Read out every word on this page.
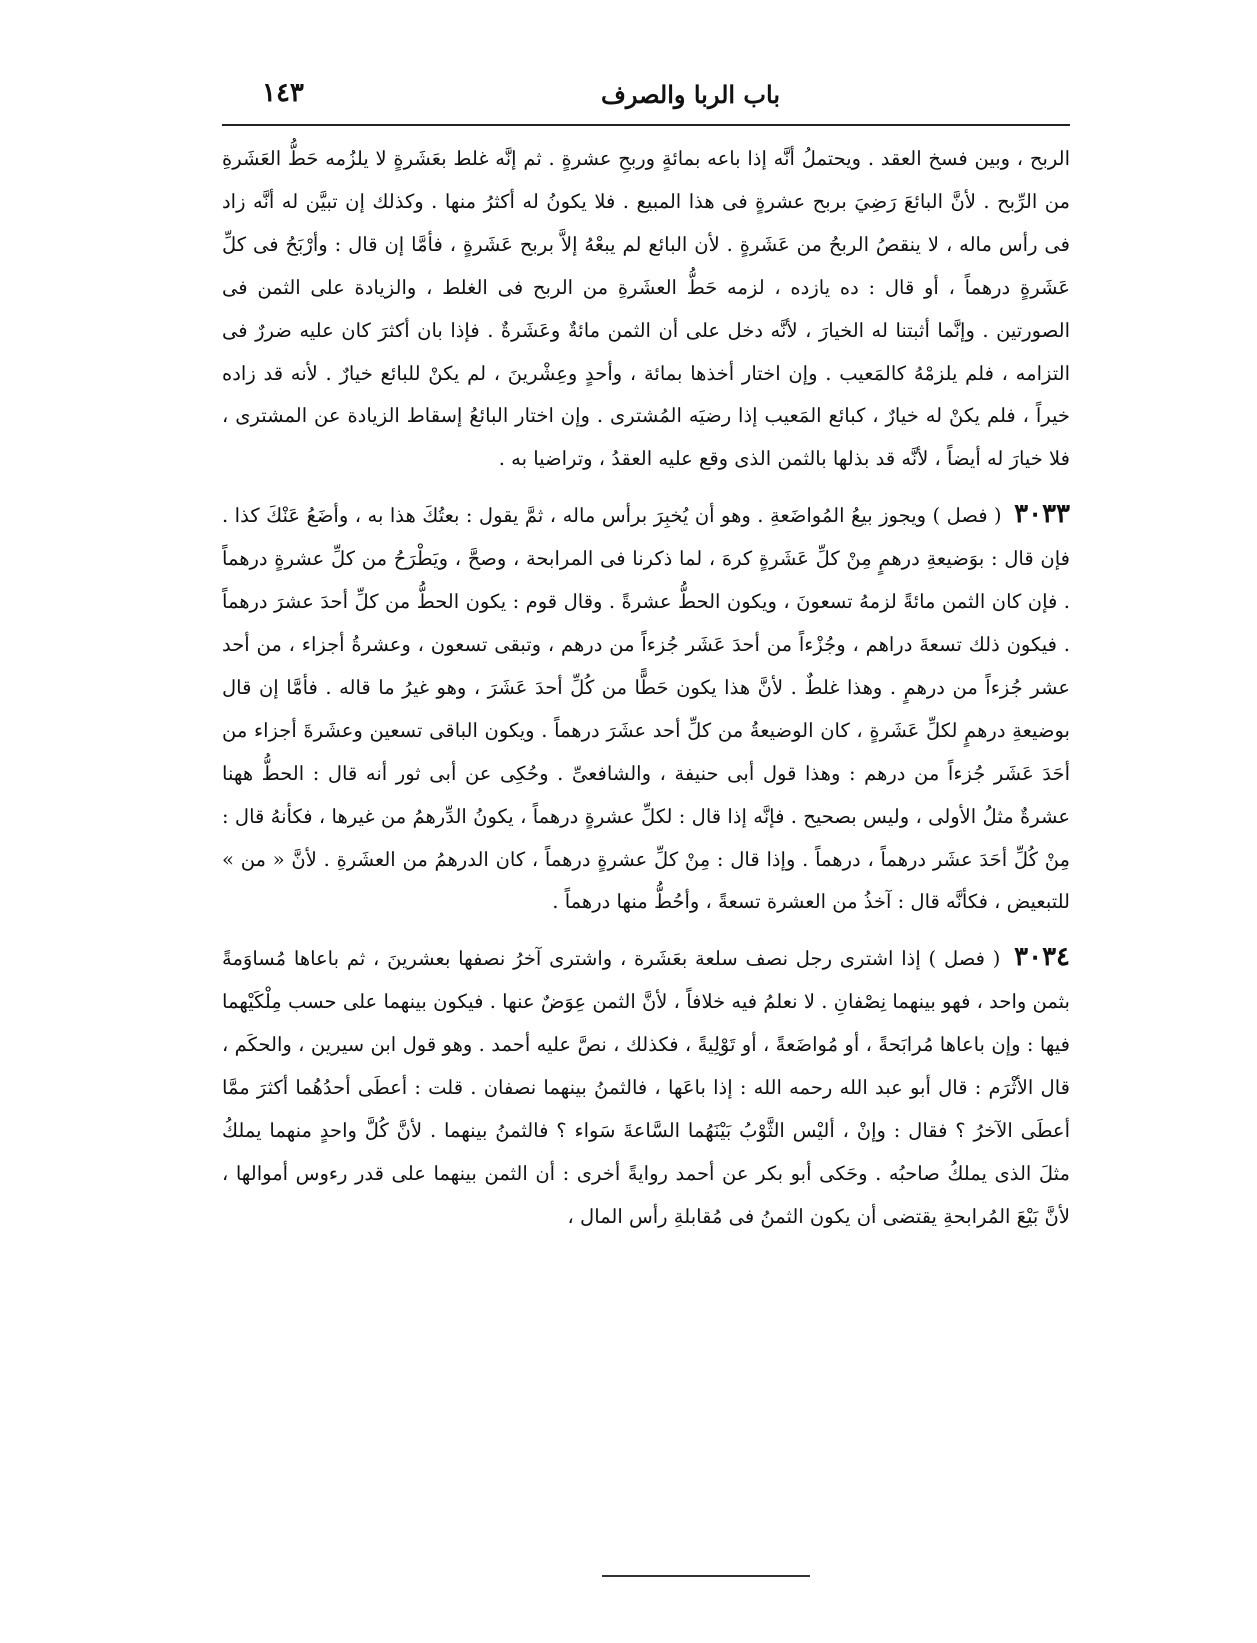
باب الربا والصرف
١٤٣

الربح ، وبين فسخ العقد . ويحتملُ أنَّه إذا باعه بمائةٍ وربحِ عشرةٍ . ثم إنَّه غلط بعَشَرةٍ لا يلزُمه حَطُّ العَشَرةِ من الرِّبح . لأنَّ البائعَ رَضِيَ بربح عشرةٍ فى هذا المبيع . فلا يكونُ له أكثرُ منها . وكذلك إن تبيَّن له أنَّه زاد فى رأس ماله ، لا ينقصُ الربحُ من عَشَرةٍ . لأن البائع لم يبعْهُ إلاَّ بربح عَشَرةٍ ، فأمَّا إن قال : وأرْبَحُ فى كلِّ عَشَرةٍ درهماً ، أو قال : ده يازده ، لزمه حَطُّ العشَرةِ من الربح فى الغلط ، والزيادة على الثمن فى الصورتين . وإنَّما أثبتنا له الخيارَ ، لأنَّه دخل على أن الثمن مائةٌ وعَشَرةٌ . فإذا بان أكثرَ كان عليه ضررٌ فى التزامه ، فلم يلزمْهُ كالمَعيب . وإن اختار أخذها بمائة ، وأحدٍ وعِشْرينَ ، لم يكنْ للبائع خيارٌ . لأنه قد زاده خيراً ، فلم يكنْ له خيارٌ ، كبائع المَعيب إذا رضيَه المُشترى . وإن اختار البائعُ إسقاط الزيادة عن المشترى ، فلا خيارَ له أيضاً ، لأنَّه قد بذلها بالثمن الذى وقع عليه العقدُ ، وتراضيا به .

٣٠٣٣ ( فصل ) ويجوز بيعُ المُواضَعةِ . وهو أن يُخبِرَ برأس ماله ، ثمَّ يقول : بعتُكَ هذا به ، وأضَعُ عَنْكَ كذا . فإن قال : بوَضيعةِ درهمٍ مِنْ كلِّ عَشَرةٍ كرهَ ، لما ذكرنا فى المرابحة ، وصحَّ ، ويَطْرَحُ من كلِّ عشرةٍ درهماً . فإن كان الثمن مائةً لزمهُ تسعونَ ، ويكون الحطُّ عشرةً . وقال قوم : يكون الحطُّ من كلِّ أحدَ عشرَ درهماً . فيكون ذلك تسعةَ دراهم ، وجُزْءاً من أحدَ عَشَر جُزءاً من درهم ، وتبقى تسعون ، وعشرةُ أجزاء ، من أحد عشر جُزءاً من درهمٍ . وهذا غلطٌ . لأنَّ هذا يكون حَطًّا من كُلِّ أحدَ عَشَرَ ، وهو غيرُ ما قاله . فأمَّا إن قال بوضيعةِ درهمٍ لكلِّ عَشَرةٍ ، كان الوضيعةُ من كلِّ أحد عشَرَ درهماً . ويكون الباقى تسعين وعشَرةَ أجزاء من أحَدَ عَشَر جُزءاً من درهم : وهذا قول أبى حنيفة ، والشافعىِّ . وحُكِى عن أبى ثور أنه قال : الحطُّ ههنا عشرةٌ مثلُ الأولى ، وليس بصحيح . فإنَّه إذا قال : لكلِّ عشرةٍ درهماً ، يكونُ الدِّرهمُ من غيرها ، فكأنهُ قال : مِنْ كُلِّ أحَدَ عشَر درهماً ، درهماً . وإذا قال : مِنْ كلِّ عشرةٍ درهماً ، كان الدرهمُ من العشَرةِ . لأنَّ « من » للتبعيض ، فكأنَّه قال : آخذُ من العشرة تسعةً ، وأحُطُّ منها درهماً .

٣٠٣٤ ( فصل ) إذا اشترى رجل نصف سلعة بعَشَرة ، واشترى آخرُ نصفها بعشرينَ ، ثم باعاها مُساوَمةً بثمن واحد ، فهو بينهما نِصْفانِ . لا نعلمُ فيه خلافاً ، لأنَّ الثمن عِوَضٌ عنها . فيكون بينهما على حسب مِلْكَيْهما فيها : وإن باعاها مُرابَحةً ، أو مُواضَعةً ، أو تَوْلِيةً ، فكذلك ، نصَّ عليه أحمد . وهو قول ابن سيرين ، والحكَم ، قال الأثْرَم : قال أبو عبد الله رحمه الله : إذا باعَها ، فالثمنُ بينهما نصفان . قلت : أعطَى أحدُهُما أكثرَ ممَّا أعطَى الآخرُ ؟ فقال : وإنْ ، أليْس الثَّوْبُ بَيْنَهُما السَّاعةَ سَواء ؟ فالثمنُ بينهما . لأنَّ كُلَّ واحدٍ منهما يملكُ مثلَ الذى يملكُ صاحبُه . وحَكى أبو بكر عن أحمد روايةً أخرى : أن الثمن بينهما على قدر رءوس أموالها ، لأنَّ بَيْعَ المُرابحةِ يقتضى أن يكون الثمنُ فى مُقابلةِ رأس المال ،
